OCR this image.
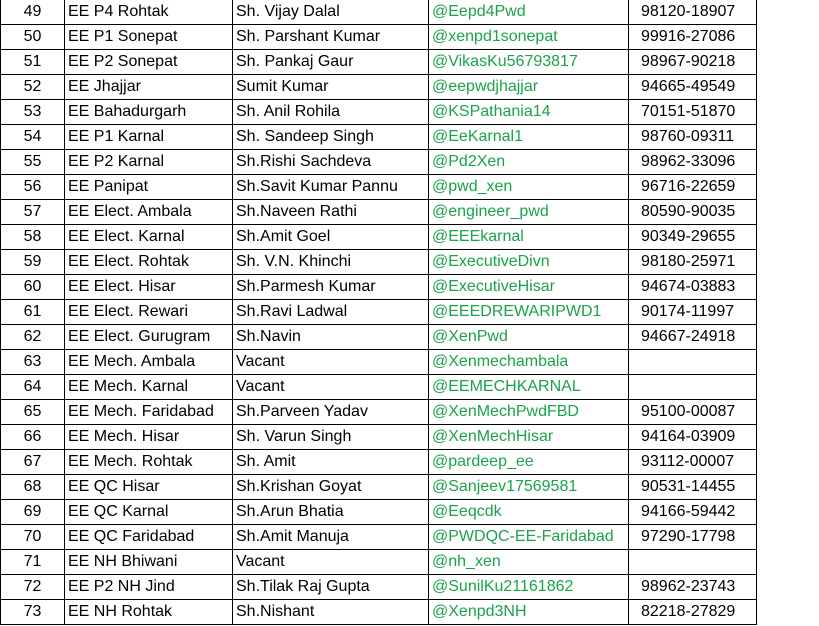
49	EE P4 Rohtak	Sh. Vijay Dalal	@Eepd4Pwd	98120-18907
50	EE P1 Sonepat	Sh. Parshant Kumar	@xenpd1sonepat	99916-27086
51	EE P2 Sonepat	Sh. Pankaj Gaur	@VikasKu56793817	98967-90218
52	EE Jhajjar	Sumit Kumar	@eepwdjhajjar	94665-49549
53	EE Bahadurgarh	Sh. Anil Rohila	@KSPathania14	70151-51870
54	EE P1 Karnal	Sh. Sandeep Singh	@EeKarnal1	98760-09311
55	EE P2 Karnal	Sh.Rishi Sachdeva	@Pd2Xen	98962-33096
56	EE Panipat	Sh.Savit Kumar Pannu	@pwd_xen	96716-22659
57	EE Elect. Ambala	Sh.Naveen Rathi	@engineer_pwd	80590-90035
58	EE Elect. Karnal	Sh.Amit Goel	@EEEkarnal	90349-29655
59	EE Elect. Rohtak	Sh. V.N. Khinchi	@ExecutiveDivn	98180-25971
60	EE Elect. Hisar	Sh.Parmesh Kumar	@ExecutiveHisar	94674-03883
61	EE Elect. Rewari	Sh.Ravi Ladwal	@EEEDREWARIPWD1	90174-11997
62	EE Elect. Gurugram	Sh.Navin	@XenPwd	94667-24918
63	EE Mech. Ambala	Vacant	@Xenmechambala	
64	EE Mech. Karnal	Vacant	@EEMECHKARNAL	
65	EE Mech. Faridabad	Sh.Parveen Yadav	@XenMechPwdFBD	95100-00087
66	EE Mech. Hisar	Sh. Varun Singh	@XenMechHisar	94164-03909
67	EE Mech. Rohtak	Sh. Amit	@pardeep_ee	93112-00007
68	EE QC Hisar	Sh.Krishan Goyat	@Sanjeev17569581	90531-14455
69	EE QC Karnal	Sh.Arun Bhatia	@Eeqcdk	94166-59442
70	EE QC Faridabad	Sh.Amit Manuja	@PWDQC-EE-Faridabad	97290-17798
71	EE NH Bhiwani	Vacant	@nh_xen	
72	EE P2 NH Jind	Sh.Tilak Raj Gupta	@SunilKu21161862	98962-23743
73	EE NH Rohtak	Sh.Nishant	@Xenpd3NH	82218-27829
